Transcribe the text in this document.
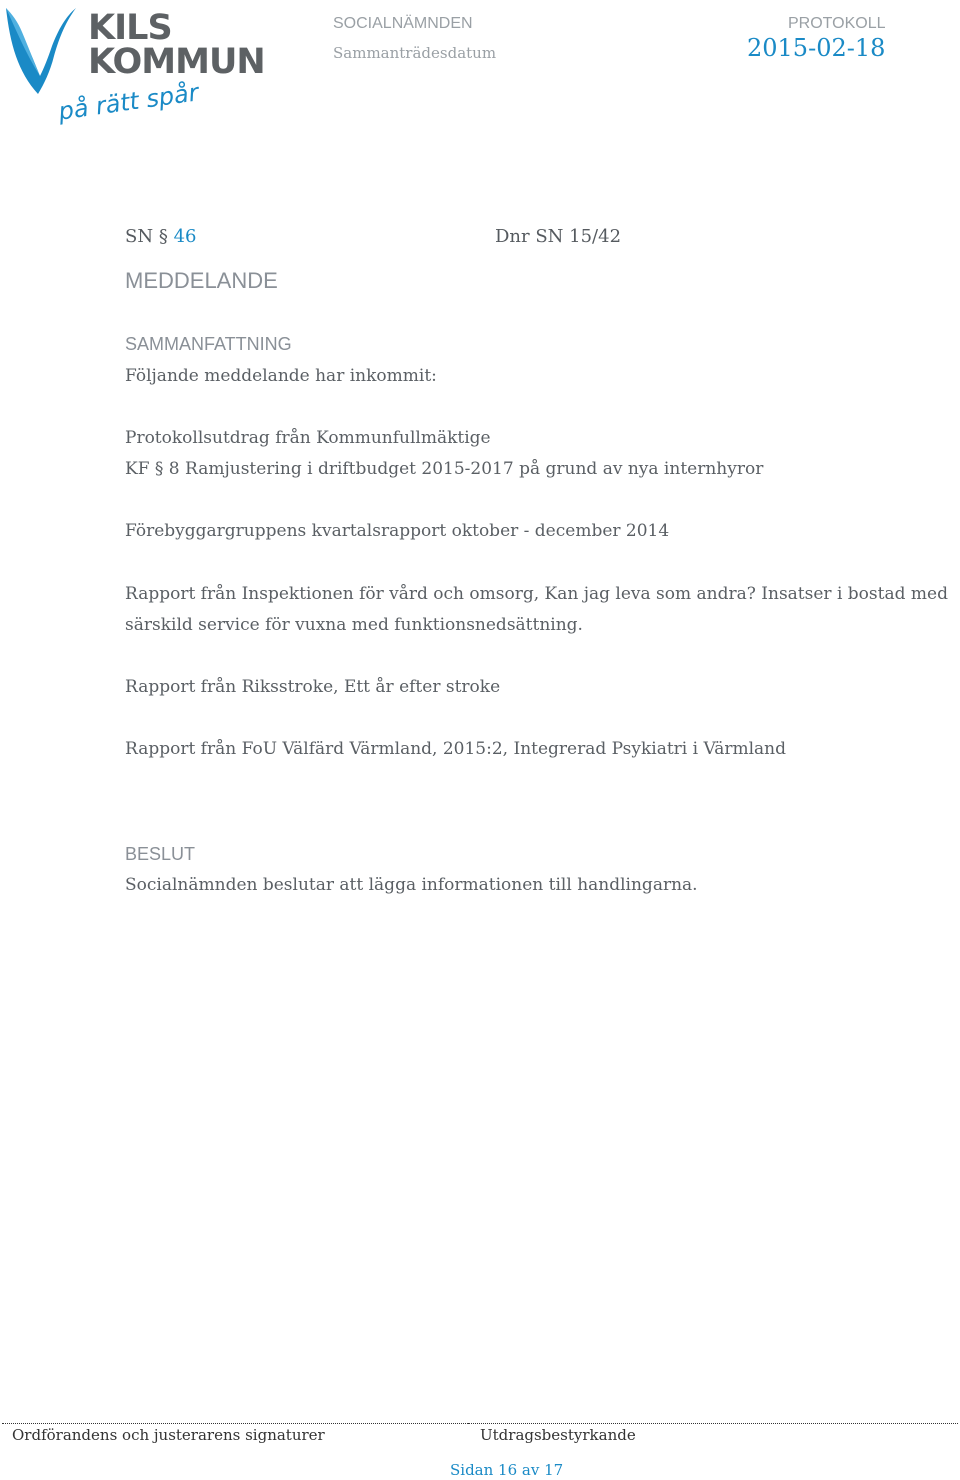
KILS
KOMMUN
på rätt spår
SOCIALNÄMNDEN
Sammanträdesdatum
PROTOKOLL
2015-02-18
SN § 46	Dnr SN 15/42
MEDDELANDE
SAMMANFATTNING
Följande meddelande har inkommit:
Protokollsutdrag från Kommunfullmäktige
KF § 8 Ramjustering i driftbudget 2015-2017 på grund av nya internhyror
Förebyggargruppens kvartalsrapport oktober - december 2014
Rapport från Inspektionen för vård och omsorg, Kan jag leva som andra? Insatser i bostad med
särskild service för vuxna med funktionsnedsättning.
Rapport från Riksstroke, Ett år efter stroke
Rapport från FoU Välfärd Värmland, 2015:2, Integrerad Psykiatri i Värmland
BESLUT
Socialnämnden beslutar att lägga informationen till handlingarna.
Ordförandens och justerarens signaturer	Utdragsbestyrkande
Sidan 16 av 17
